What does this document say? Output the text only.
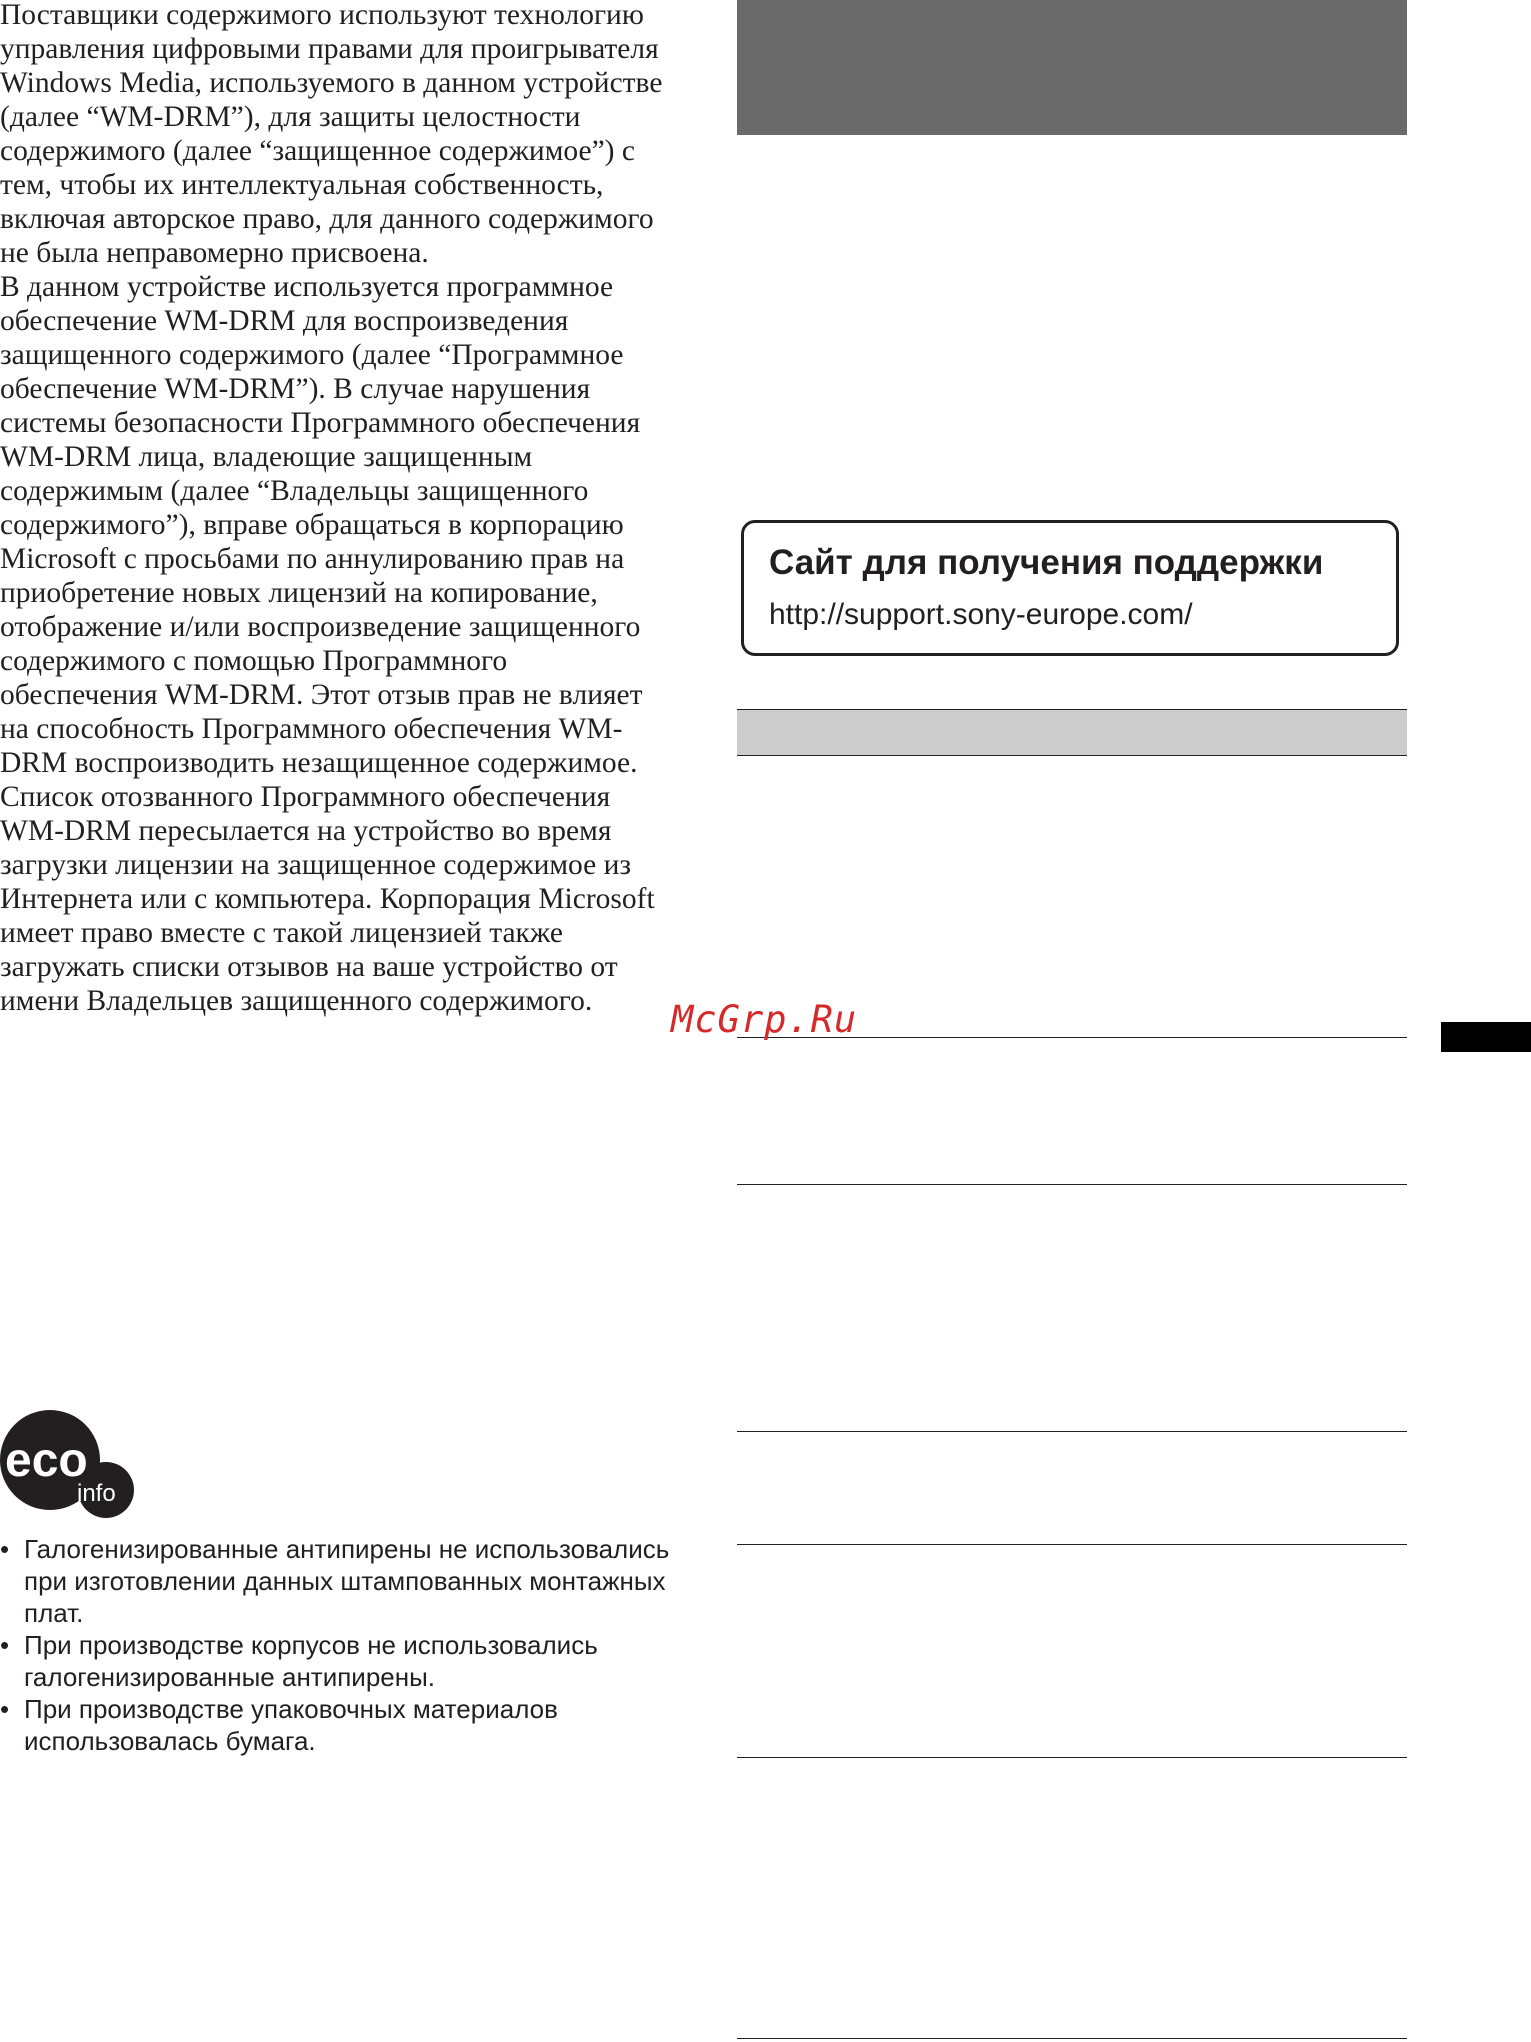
Поставщики содержимого используют технологию управления цифровыми правами для проигрывателя Windows Media, используемого в данном устройстве (далее “WM-DRM”), для защиты целостности содержимого (далее “защищенное содержимое”) с тем, чтобы их интеллектуальная собственность, включая авторское право, для данного содержимого не была неправомерно присвоена.

В данном устройстве используется программное обеспечение WM-DRM для воспроизведения защищенного содержимого (далее “Программное обеспечение WM-DRM”). В случае нарушения системы безопасности Программного обеспечения WM-DRM лица, владеющие защищенным содержимым (далее “Владельцы защищенного содержимого”), вправе обращаться в корпорацию Microsoft с просьбами по аннулированию прав на приобретение новых лицензий на копирование, отображение и/или воспроизведение защищенного содержимого с помощью Программного обеспечения WM-DRM. Этот отзыв прав не влияет на способность Программного обеспечения WM-DRM воспроизводить незащищенное содержимое. Список отозванного Программного обеспечения WM-DRM пересылается на устройство во время загрузки лицензии на защищенное содержимое из Интернета или с компьютера. Корпорация Microsoft имеет право вместе с такой лицензией также загружать списки отзывов на ваше устройство от имени Владельцев защищенного содержимого.

eco
info
• Галогенизированные антипирены не использовались при изготовлении данных штампованных монтажных плат.
• При производстве корпусов не использовались галогенизированные антипирены.
• При производстве упаковочных материалов использовалась бумага.
Сайт для получения поддержки
http://support.sony-europe.com/
McGrp.Ru
